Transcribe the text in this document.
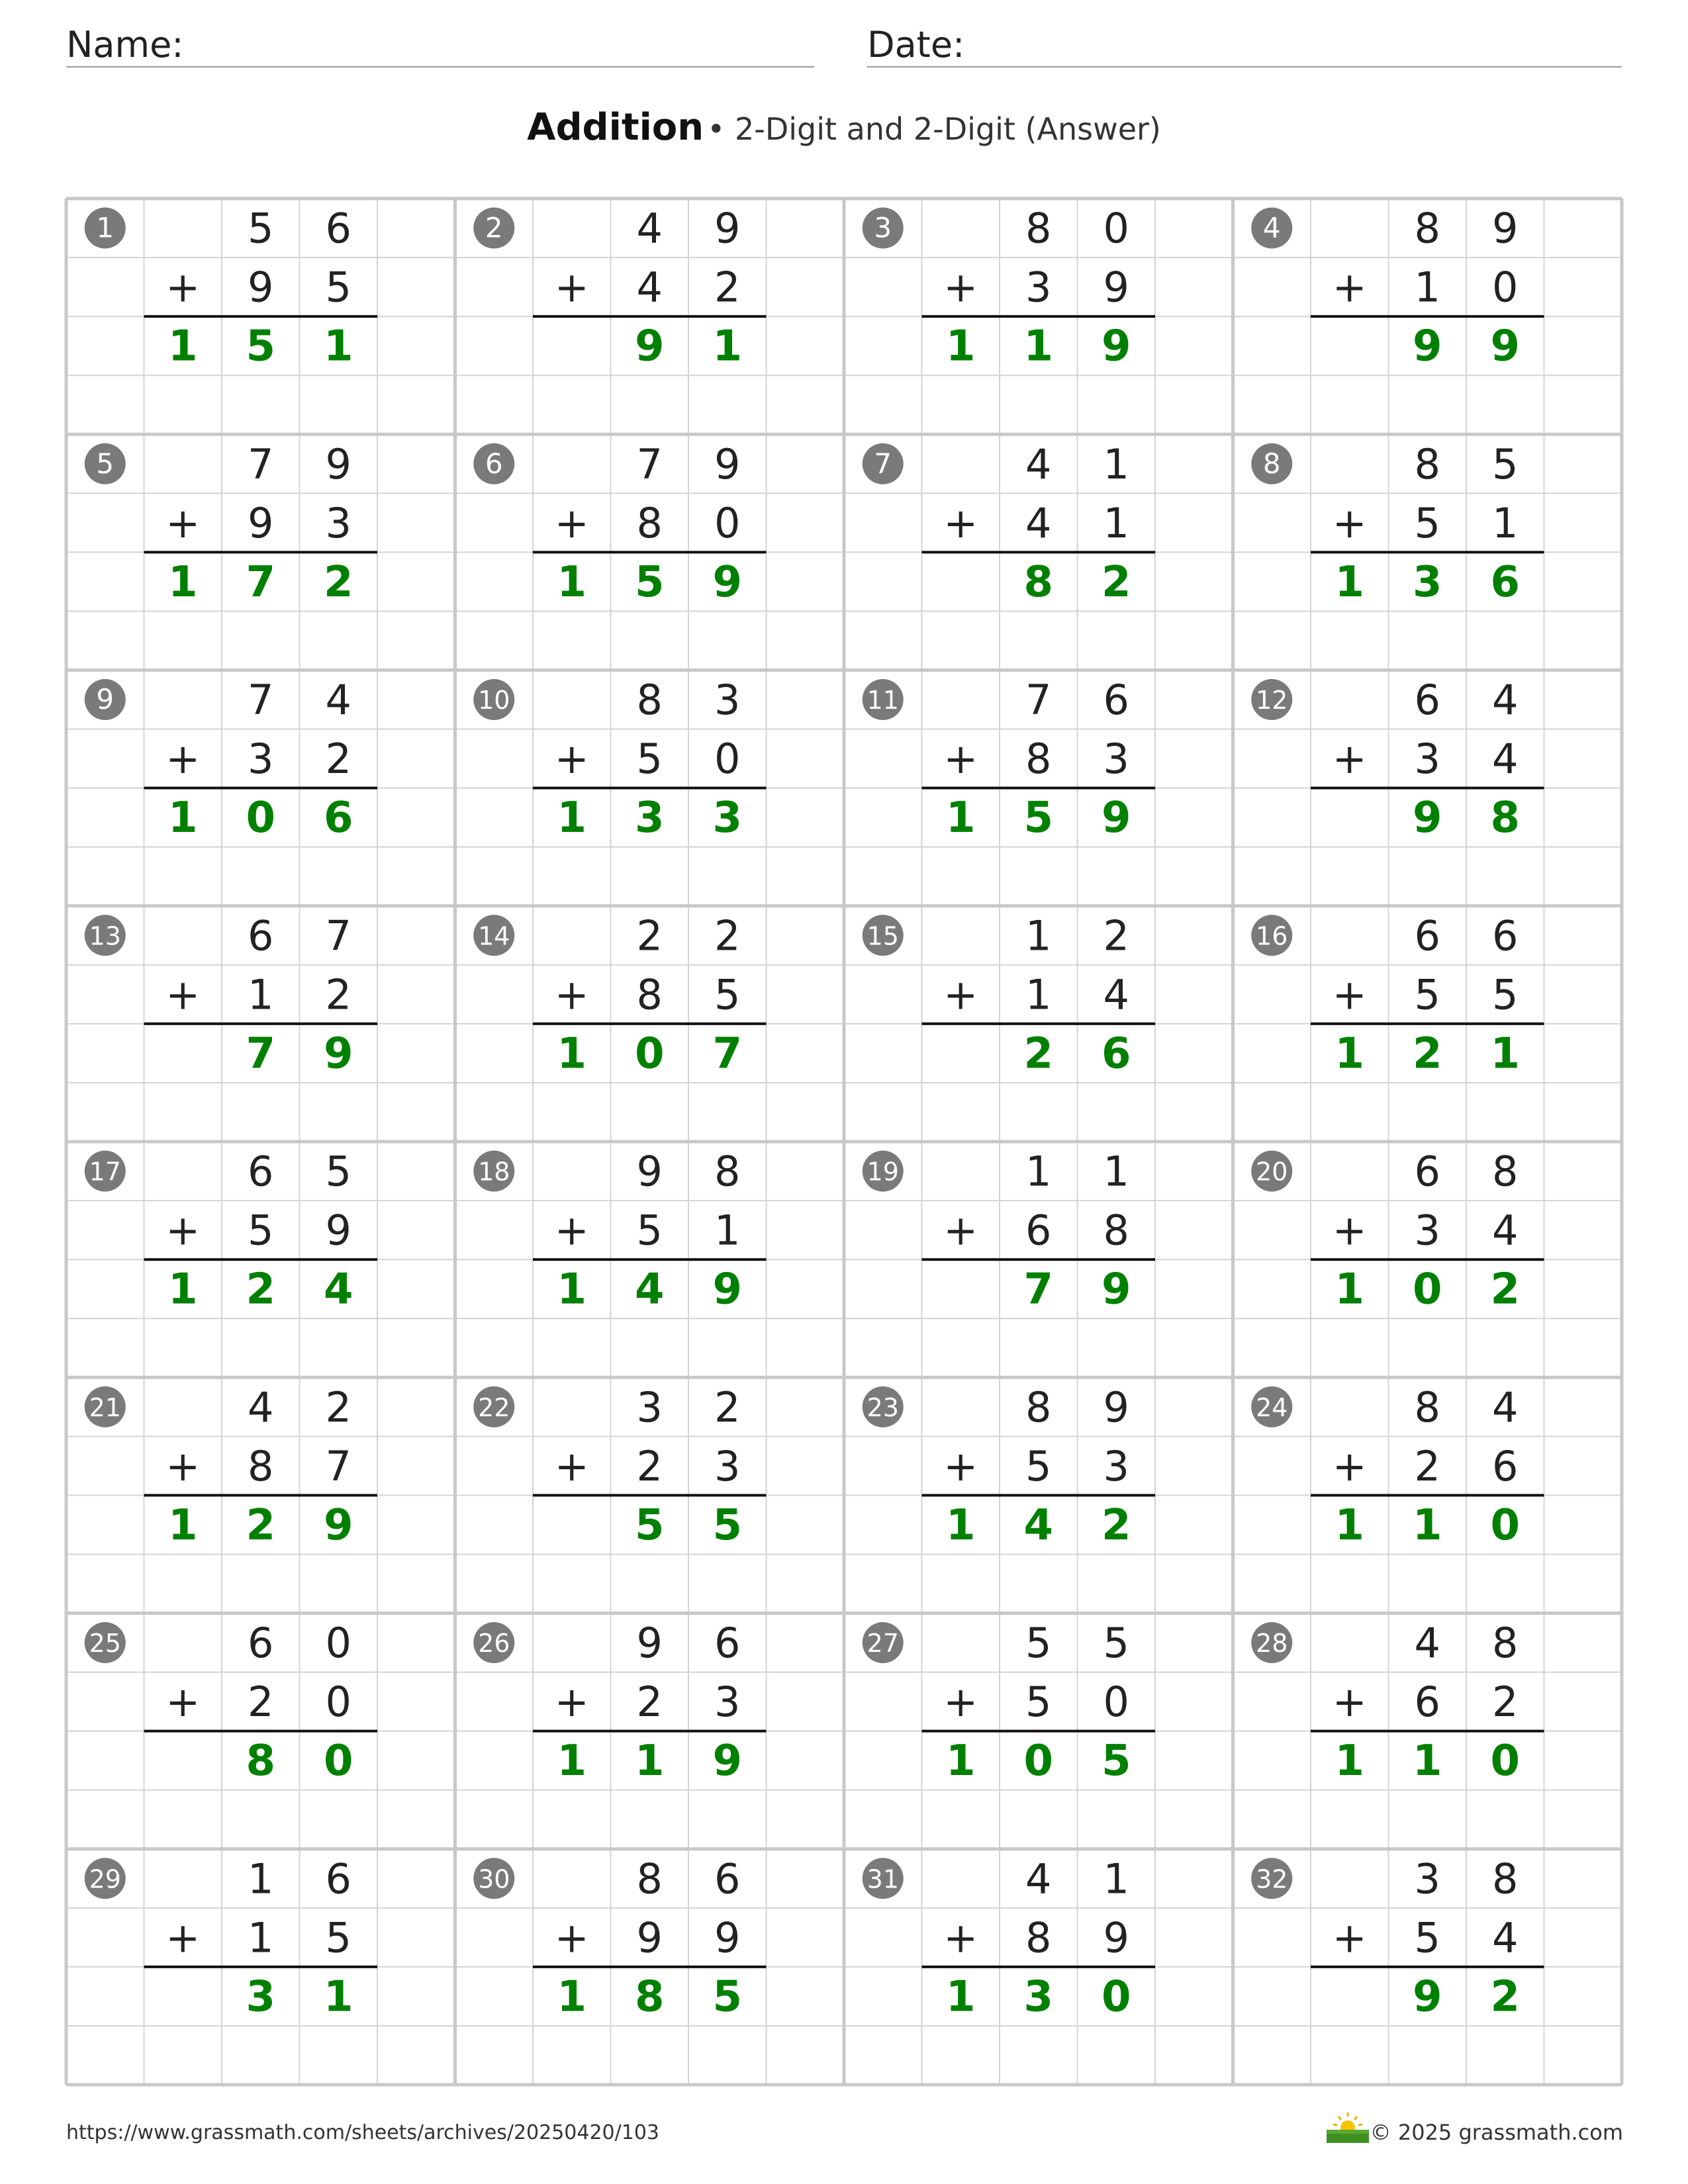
Name:	Date:
Addition • 2-Digit and 2-Digit (Answer)
1	5 6
+ 9 5
1 5 1
2	4 9
+ 4 2
9 1
3	8 0
+ 3 9
1 1 9
4	8 9
+ 1 0
9 9
5	7 9
+ 9 3
1 7 2
6	7 9
+ 8 0
1 5 9
7	4 1
+ 4 1
8 2
8	8 5
+ 5 1
1 3 6
9	7 4
+ 3 2
1 0 6
10	8 3
+ 5 0
1 3 3
11	7 6
+ 8 3
1 5 9
12	6 4
+ 3 4
9 8
13	6 7
+ 1 2
7 9
14	2 2
+ 8 5
1 0 7
15	1 2
+ 1 4
2 6
16	6 6
+ 5 5
1 2 1
17	6 5
+ 5 9
1 2 4
18	9 8
+ 5 1
1 4 9
19	1 1
+ 6 8
7 9
20	6 8
+ 3 4
1 0 2
21	4 2
+ 8 7
1 2 9
22	3 2
+ 2 3
5 5
23	8 9
+ 5 3
1 4 2
24	8 4
+ 2 6
1 1 0
25	6 0
+ 2 0
8 0
26	9 6
+ 2 3
1 1 9
27	5 5
+ 5 0
1 0 5
28	4 8
+ 6 2
1 1 0
29	1 6
+ 1 5
3 1
30	8 6
+ 9 9
1 8 5
31	4 1
+ 8 9
1 3 0
32	3 8
+ 5 4
9 2
https://www.grassmath.com/sheets/archives/20250420/103	© 2025 grassmath.com
